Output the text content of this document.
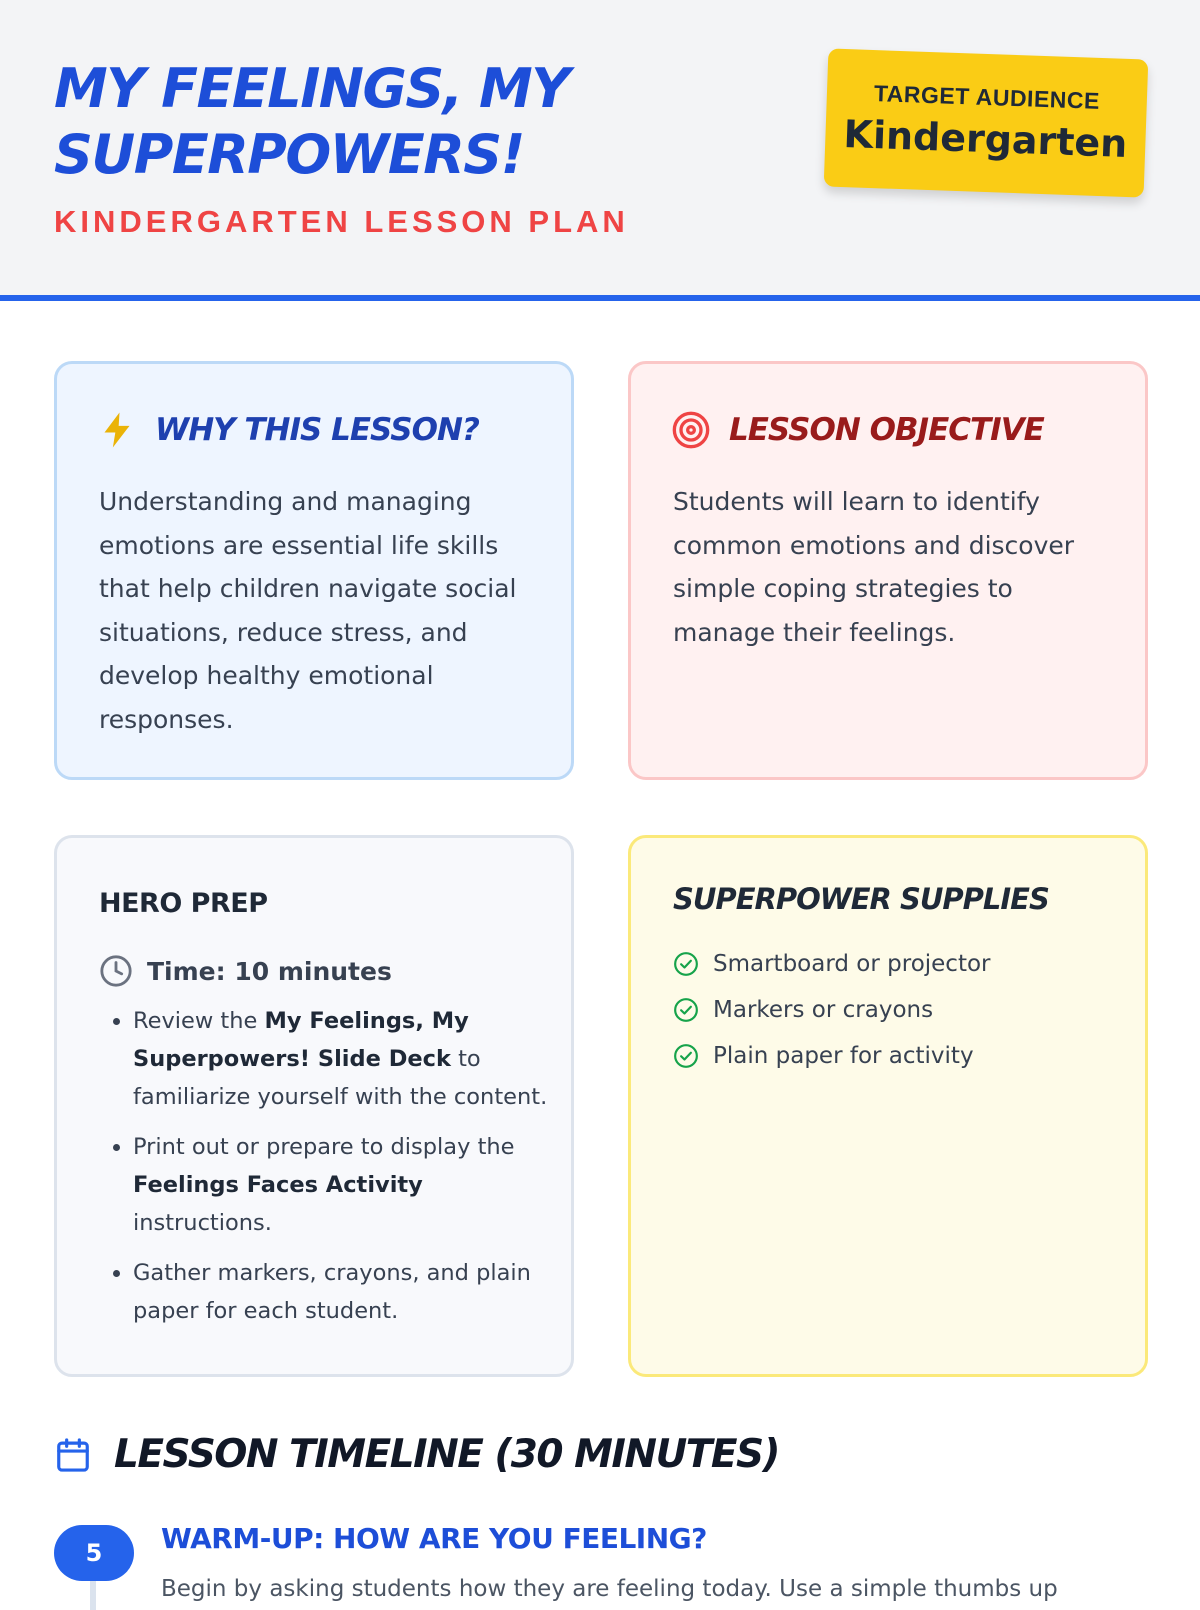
MY FEELINGS, MY SUPERPOWERS!
KINDERGARTEN LESSON PLAN
TARGET AUDIENCE
Kindergarten
WHY THIS LESSON?

Understanding and managing emotions are essential life skills that help children navigate social situations, reduce stress, and develop healthy emotional responses.

LESSON OBJECTIVE

Students will learn to identify common emotions and discover simple coping strategies to manage their feelings.

HERO PREP
Time: 10 minutes
• Review the My Feelings, My Superpowers! Slide Deck to familiarize yourself with the content.
• Print out or prepare to display the Feelings Faces Activity instructions.
• Gather markers, crayons, and plain paper for each student.
SUPERPOWER SUPPLIES
Smartboard or projector
Markers or crayons
Plain paper for activity
LESSON TIMELINE (30 MINUTES)
5	WARM-UP: HOW ARE YOU FEELING?
Begin by asking students how they are feeling today. Use a simple thumbs up
